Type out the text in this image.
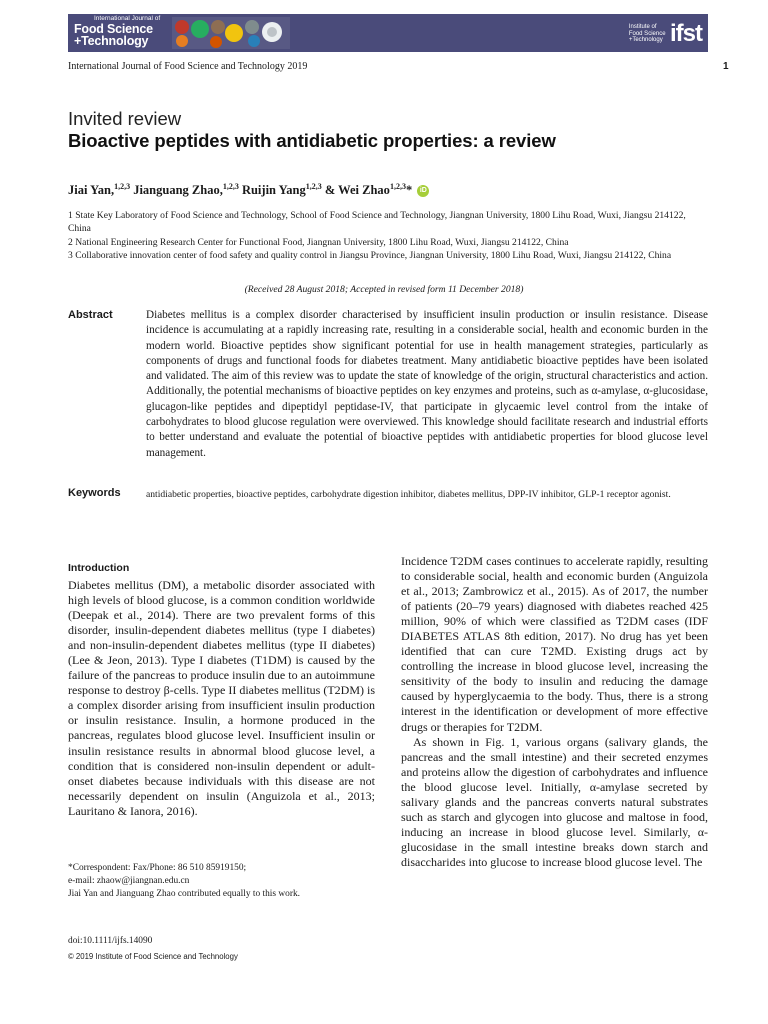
International Journal of
Food Science
+Technology
Institute of
Food Science
+Technology ifst
International Journal of Food Science and Technology 2019	1
Invited review
Bioactive peptides with antidiabetic properties: a review
Jiai Yan,$^{1,2,3}$ Jianguang Zhao,$^{1,2,3}$ Ruijin Yang$^{1,2,3}$ & Wei Zhao$^{1,2,3}$* iD
1 State Key Laboratory of Food Science and Technology, School of Food Science and Technology, Jiangnan University, 1800 Lihu Road, Wuxi, Jiangsu 214122, China
2 National Engineering Research Center for Functional Food, Jiangnan University, 1800 Lihu Road, Wuxi, Jiangsu 214122, China
3 Collaborative innovation center of food safety and quality control in Jiangsu Province, Jiangnan University, 1800 Lihu Road, Wuxi, Jiangsu 214122, China
(Received 28 August 2018; Accepted in revised form 11 December 2018)
Abstract	Diabetes mellitus is a complex disorder characterised by insufficient insulin production or insulin resistance. Disease incidence is accumulating at a rapidly increasing rate, resulting in a considerable social, health and economic burden in the modern world. Bioactive peptides show significant potential for use in health management strategies, particularly as components of drugs and functional foods for diabetes treatment. Many antidiabetic bioactive peptides have been isolated and validated. The aim of this review was to update the state of knowledge of the origin, structural characteristics and action. Additionally, the potential mechanisms of bioactive peptides on key enzymes and proteins, such as α-amylase, α-glucosidase, glucagon-like peptides and dipeptidyl peptidase-IV, that participate in glycaemic level control from the intake of carbohydrates to blood glucose regulation were overviewed. This knowledge should facilitate research and industrial efforts to better understand and evaluate the potential of bioactive peptides with antidiabetic properties for blood glucose level management.
Keywords	antidiabetic properties, bioactive peptides, carbohydrate digestion inhibitor, diabetes mellitus, DPP-IV inhibitor, GLP-1 receptor agonist.
Introduction

Diabetes mellitus (DM), a metabolic disorder associated with high levels of blood glucose, is a common condition worldwide (Deepak et al., 2014). There are two prevalent forms of this disorder, insulin-dependent diabetes mellitus (type I diabetes) and non-insulin-dependent diabetes mellitus (type II diabetes) (Lee & Jeon, 2013). Type I diabetes (T1DM) is caused by the failure of the pancreas to produce insulin due to an autoimmune response to destroy β-cells. Type II diabetes mellitus (T2DM) is a complex disorder arising from insufficient insulin production or insulin resistance. Insulin, a hormone produced in the pancreas, regulates blood glucose level. Insufficient insulin or insulin resistance results in abnormal blood glucose level, a condition that is considered non-insulin dependent or adult-onset diabetes because individuals with this disease are not necessarily dependent on insulin (Anguizola et al., 2013; Lauritano & Ianora, 2016).

Incidence T2DM cases continues to accelerate rapidly, resulting to considerable social, health and economic burden (Anguizola et al., 2013; Zambrowicz et al., 2015). As of 2017, the number of patients (20–79 years) diagnosed with diabetes reached 425 million, 90% of which were classified as T2DM cases (IDF DIABETES ATLAS 8th edition, 2017). No drug has yet been identified that can cure T2MD. Existing drugs act by controlling the increase in blood glucose level, increasing the sensitivity of the body to insulin and reducing the damage caused by hyperglycaemia to the body. Thus, there is a strong interest in the identification or development of more effective drugs or therapies for T2DM.

As shown in Fig. 1, various organs (salivary glands, the pancreas and the small intestine) and their secreted enzymes and proteins allow the digestion of carbohydrates and influence the blood glucose level. Initially, α-amylase secreted by salivary glands and the pancreas converts natural substrates such as starch and glycogen into glucose and maltose in food, inducing an increase in blood glucose level. Similarly, α-glucosidase in the small intestine breaks down starch and disaccharides into glucose to increase blood glucose level. The

*Correspondent: Fax/Phone: 86 510 85919150;
e-mail: zhaow@jiangnan.edu.cn
Jiai Yan and Jianguang Zhao contributed equally to this work.
doi:10.1111/ijfs.14090
© 2019 Institute of Food Science and Technology
